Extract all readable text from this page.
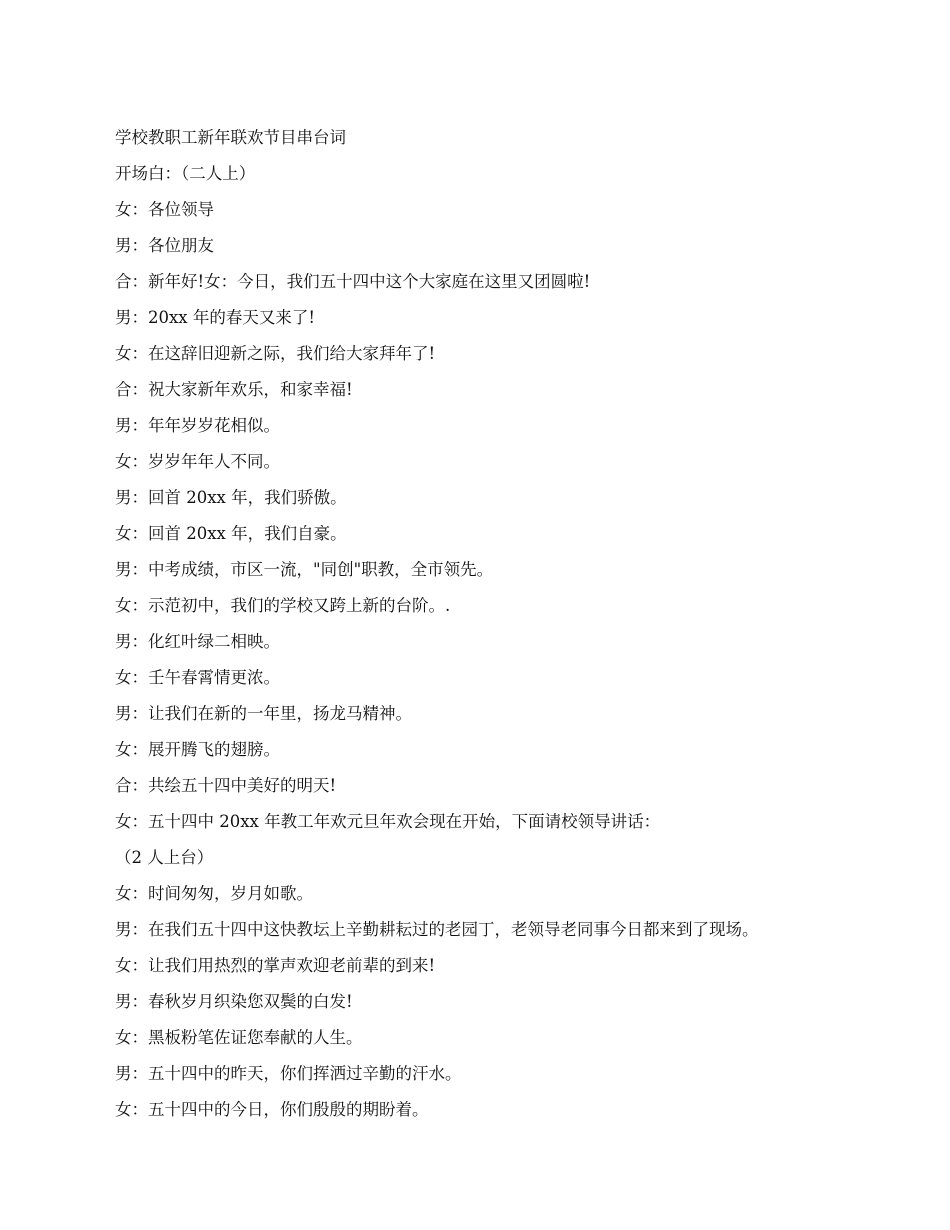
学校教职工新年联欢节目串台词

开场白：（二人上）

女：各位领导

男：各位朋友

合：新年好!女：今日，我们五十四中这个大家庭在这里又团圆啦!

男：20xx 年的春天又来了!

女：在这辞旧迎新之际，我们给大家拜年了!

合：祝大家新年欢乐，和家幸福!

男：年年岁岁花相似。

女：岁岁年年人不同。

男：回首 20xx 年，我们骄傲。

女：回首 20xx 年，我们自豪。

男：中考成绩，市区一流，"同创"职教，全市领先。

女：示范初中，我们的学校又跨上新的台阶。.

男：化红叶绿二相映。

女：壬午春霄情更浓。

男：让我们在新的一年里，扬龙马精神。

女：展开腾飞的翅膀。

合：共绘五十四中美好的明天!

女：五十四中 20xx 年教工年欢元旦年欢会现在开始，下面请校领导讲话：

（2 人上台）

女：时间匆匆，岁月如歌。

男：在我们五十四中这快教坛上辛勤耕耘过的老园丁，老领导老同事今日都来到了现场。

女：让我们用热烈的掌声欢迎老前辈的到来!

男：春秋岁月织染您双鬓的白发!

女：黑板粉笔佐证您奉献的人生。

男：五十四中的昨天，你们挥洒过辛勤的汗水。

女：五十四中的今日，你们殷殷的期盼着。
